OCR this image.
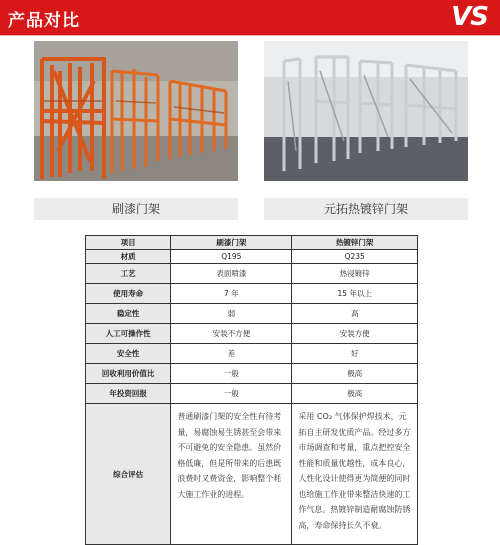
产品对比	VS
刷漆门架	元拓热镀锌门架
项目	刷漆门架	热镀锌门架
材质	Q195	Q235
工艺	表面喷漆	热浸镀锌
使用寿命	7 年	15 年以上
稳定性	弱	高
人工可操作性	安装不方便	安装方便
安全性	差	好
回收利用价值比	一般	极高
年投资回报	一般	极高
综合评估	普通刷漆门架的安全性有待考量，易腐蚀易生锈甚至会带来不可避免的安全隐患。虽然价格低廉，但是所带来的后患既浪费时又费资金，影响整个耗大施工作业的进程。	采用 CO₂ 气体保护焊技术，元拓自主研发优质产品。经过多方市场调查和考量，重点把控安全性能和质量优越性，成本良心，人性化设计使得更为简便的同时也给施工作业带来整洁快速的工作气息。热镀锌制造耐腐蚀防锈高，寿命保持长久不衰。
